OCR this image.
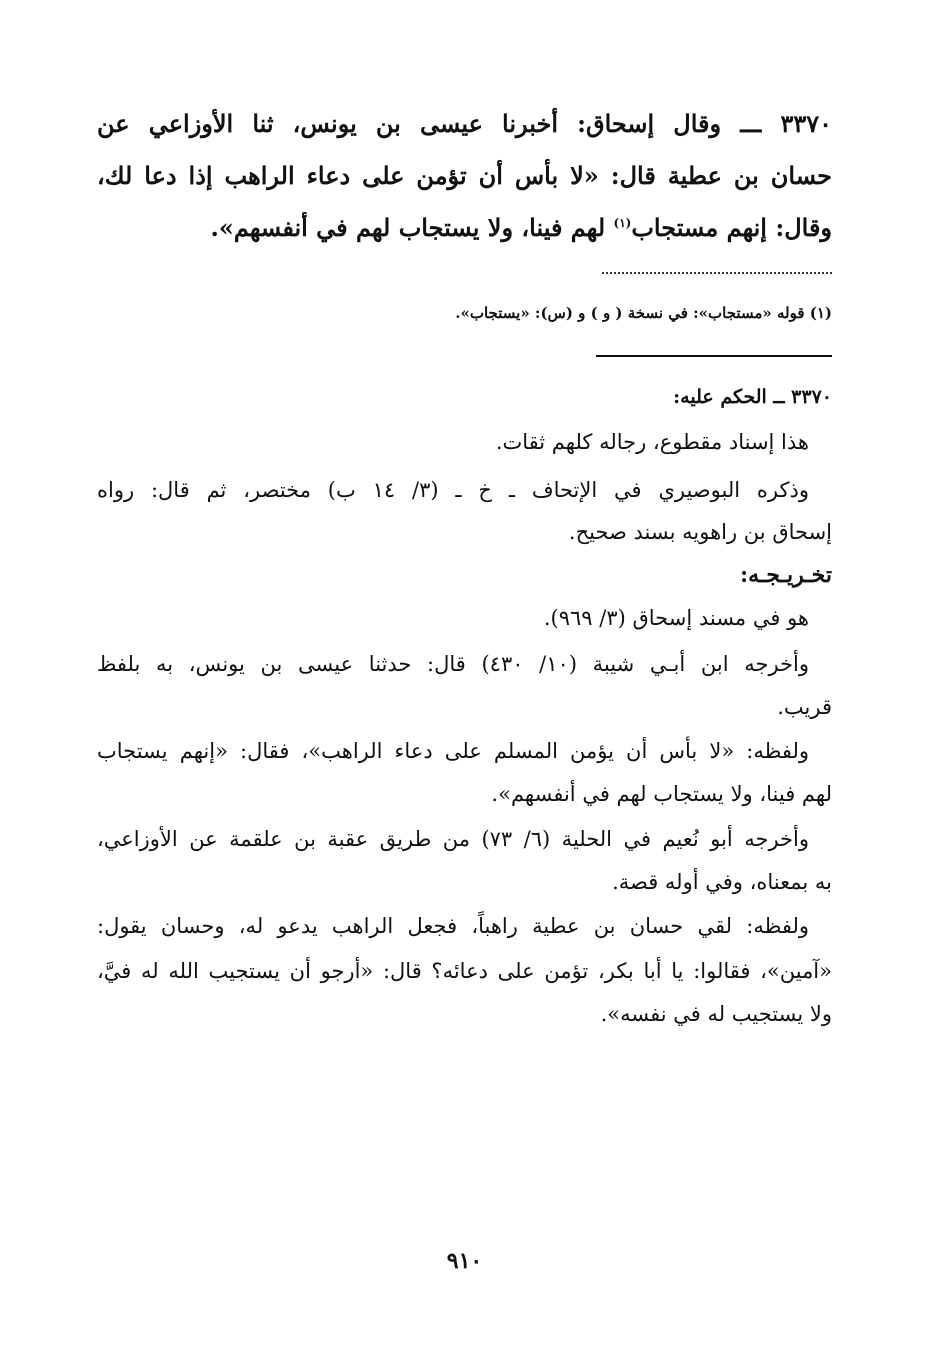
٣٣٧٠ ـــ وقال إسحاق: أخبرنا عيسى بن يونس، ثنا الأوزاعي عن
حسان بن عطية قال: «لا بأس أن تؤمن على دعاء الراهب إذا دعا لك،
وقال: إنهم مستجاب$^{(١)}$ لهم فينا، ولا يستجاب لهم في أنفسهم».
(١) قوله «مستجاب»: في نسخة ( و ) و (س): «يستجاب».
٣٣٧٠ ــ الحكم عليه:
هذا إسناد مقطوع، رجاله كلهم ثقات.
وذكره البوصيري في الإتحاف ـ خ ـ (٣/ ١٤ ب) مختصر، ثم قال: رواه
إسحاق بن راهويه بسند صحيح.
تخـريـجـه:
هو في مسند إسحاق (٣/ ٩٦٩).
وأخرجه ابن أبـي شيبة (١٠/ ٤٣٠) قال: حدثنا عيسى بن يونس، به بلفظ
قريب.
ولفظه: «لا بأس أن يؤمن المسلم على دعاء الراهب»، فقال: «إنهم يستجاب
لهم فينا، ولا يستجاب لهم في أنفسهم».
وأخرجه أبو نُعيم في الحلية (٦/ ٧٣) من طريق عقبة بن علقمة عن الأوزاعي،
به بمعناه، وفي أوله قصة.
ولفظه: لقي حسان بن عطية راهباً، فجعل الراهب يدعو له، وحسان يقول:
«آمين»، فقالوا: يا أبا بكر، تؤمن على دعائه؟ قال: «أرجو أن يستجيب الله له فيَّ،
ولا يستجيب له في نفسه».
٩١٠
